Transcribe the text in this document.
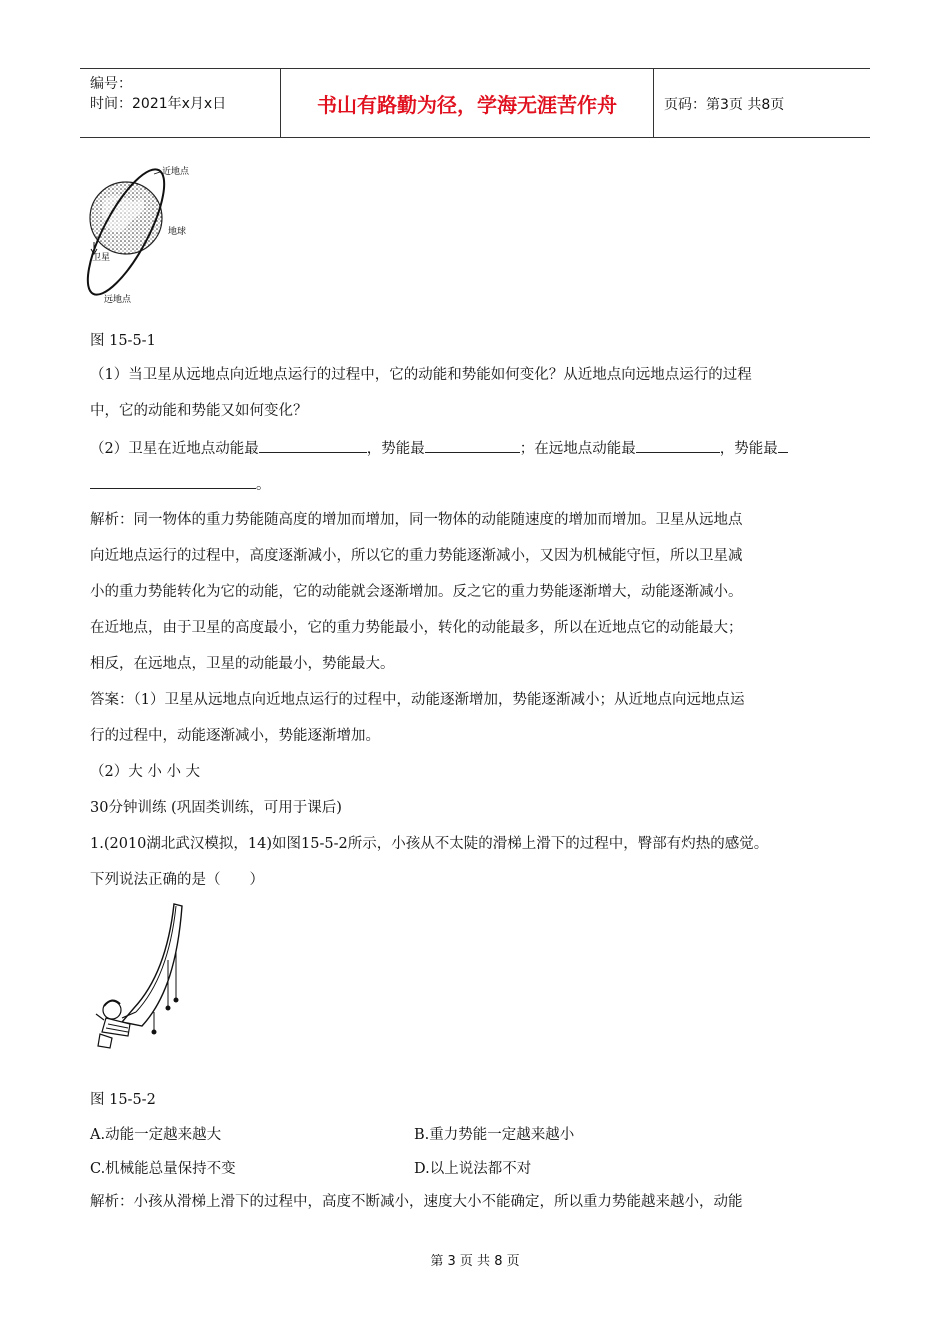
编号：
时间：2021年x月x日	书山有路勤为径，学海无涯苦作舟	页码：第3页 共8页
近地点
地球
卫星
远地点
图 15-5-1
（1）当卫星从远地点向近地点运行的过程中，它的动能和势能如何变化？从近地点向远地点运行的过程
中，它的动能和势能又如何变化？
（2）卫星在近地点动能最	，势能最	；在远地点动能最	，势能最
。
解析：同一物体的重力势能随高度的增加而增加，同一物体的动能随速度的增加而增加。卫星从远地点
向近地点运行的过程中，高度逐渐减小，所以它的重力势能逐渐减小，又因为机械能守恒，所以卫星减
小的重力势能转化为它的动能，它的动能就会逐渐增加。反之它的重力势能逐渐增大，动能逐渐减小。
在近地点，由于卫星的高度最小，它的重力势能最小，转化的动能最多，所以在近地点它的动能最大；
相反，在远地点，卫星的动能最小，势能最大。
答案：（1）卫星从远地点向近地点运行的过程中，动能逐渐增加，势能逐渐减小；从近地点向远地点运
行的过程中，动能逐渐减小，势能逐渐增加。
（2）大 小 小 大
30分钟训练 (巩固类训练，可用于课后)
1.(2010湖北武汉模拟，14)如图15-5-2所示，小孩从不太陡的滑梯上滑下的过程中，臀部有灼热的感觉。
下列说法正确的是（　　）
图 15-5-2
A.动能一定越来越大	B.重力势能一定越来越小
C.机械能总量保持不变	D.以上说法都不对
解析：小孩从滑梯上滑下的过程中，高度不断减小，速度大小不能确定，所以重力势能越来越小，动能
第 3 页 共 8 页
